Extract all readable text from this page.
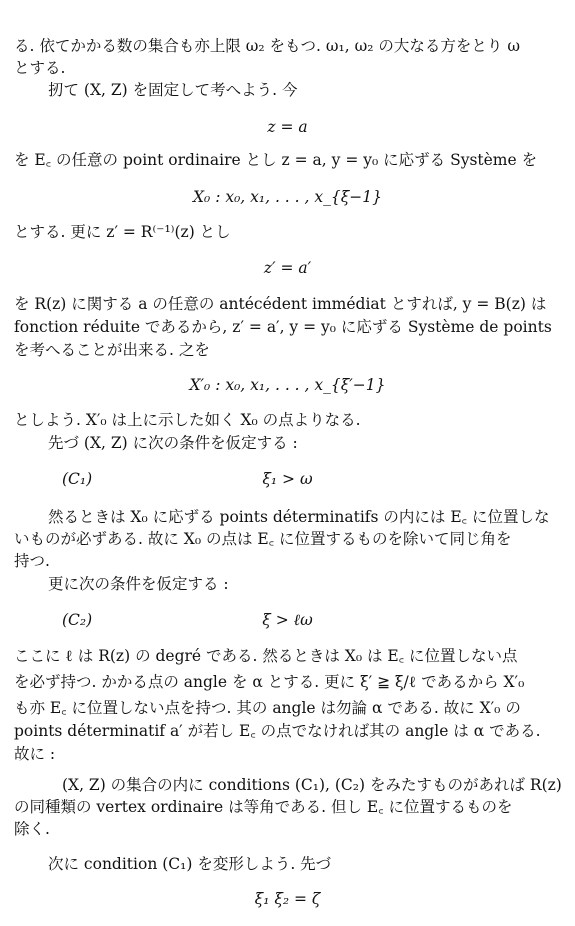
る. 依てかかる数の集合も亦上限 ω₂ をもつ. ω₁, ω₂ の大なる方をとり ω
とする.
扨て (X, Z) を固定して考へよう. 今
z = a
を E꜀ の任意の point ordinaire とし z = a, y = y₀ に応ずる Système を
X₀ : x₀, x₁, . . . , x_{ξ−1}
とする. 更に z′ = R⁽⁻¹⁾(z) とし
z′ = a′
を R(z) に関する a の任意の antécédent immédiat とすれば, y = B(z) は
fonction réduite であるから, z′ = a′, y = y₀ に応ずる Système de points
を考へることが出来る. 之を
X′₀ : x₀, x₁, . . . , x_{ξ′−1}
としよう. X′₀ は上に示した如く X₀ の点よりなる.
先づ (X, Z) に次の条件を仮定する :
(C₁)	ξ₁ > ω
然るときは X₀ に応ずる points déterminatifs の内には E꜀ に位置しな
いものが必ずある. 故に X₀ の点は E꜀ に位置するものを除いて同じ角を
持つ.
更に次の条件を仮定する :
(C₂)	ξ > ℓω
ここに ℓ は R(z) の degré である. 然るときは X₀ は E꜀ に位置しない点
を必ず持つ. かかる点の angle を α とする. 更に ξ′ ≧ ξ/ℓ であるから X′₀
も亦 E꜀ に位置しない点を持つ. 其の angle は勿論 α である. 故に X′₀ の
points déterminatif a′ が若し E꜀ の点でなければ其の angle は α である.
故に :
(X, Z) の集合の内に conditions (C₁), (C₂) をみたすものがあれば R(z)
の同種類の vertex ordinaire は等角である. 但し E꜀ に位置するものを
除く.
次に condition (C₁) を変形しよう. 先づ
ξ₁ ξ₂ = ζ
